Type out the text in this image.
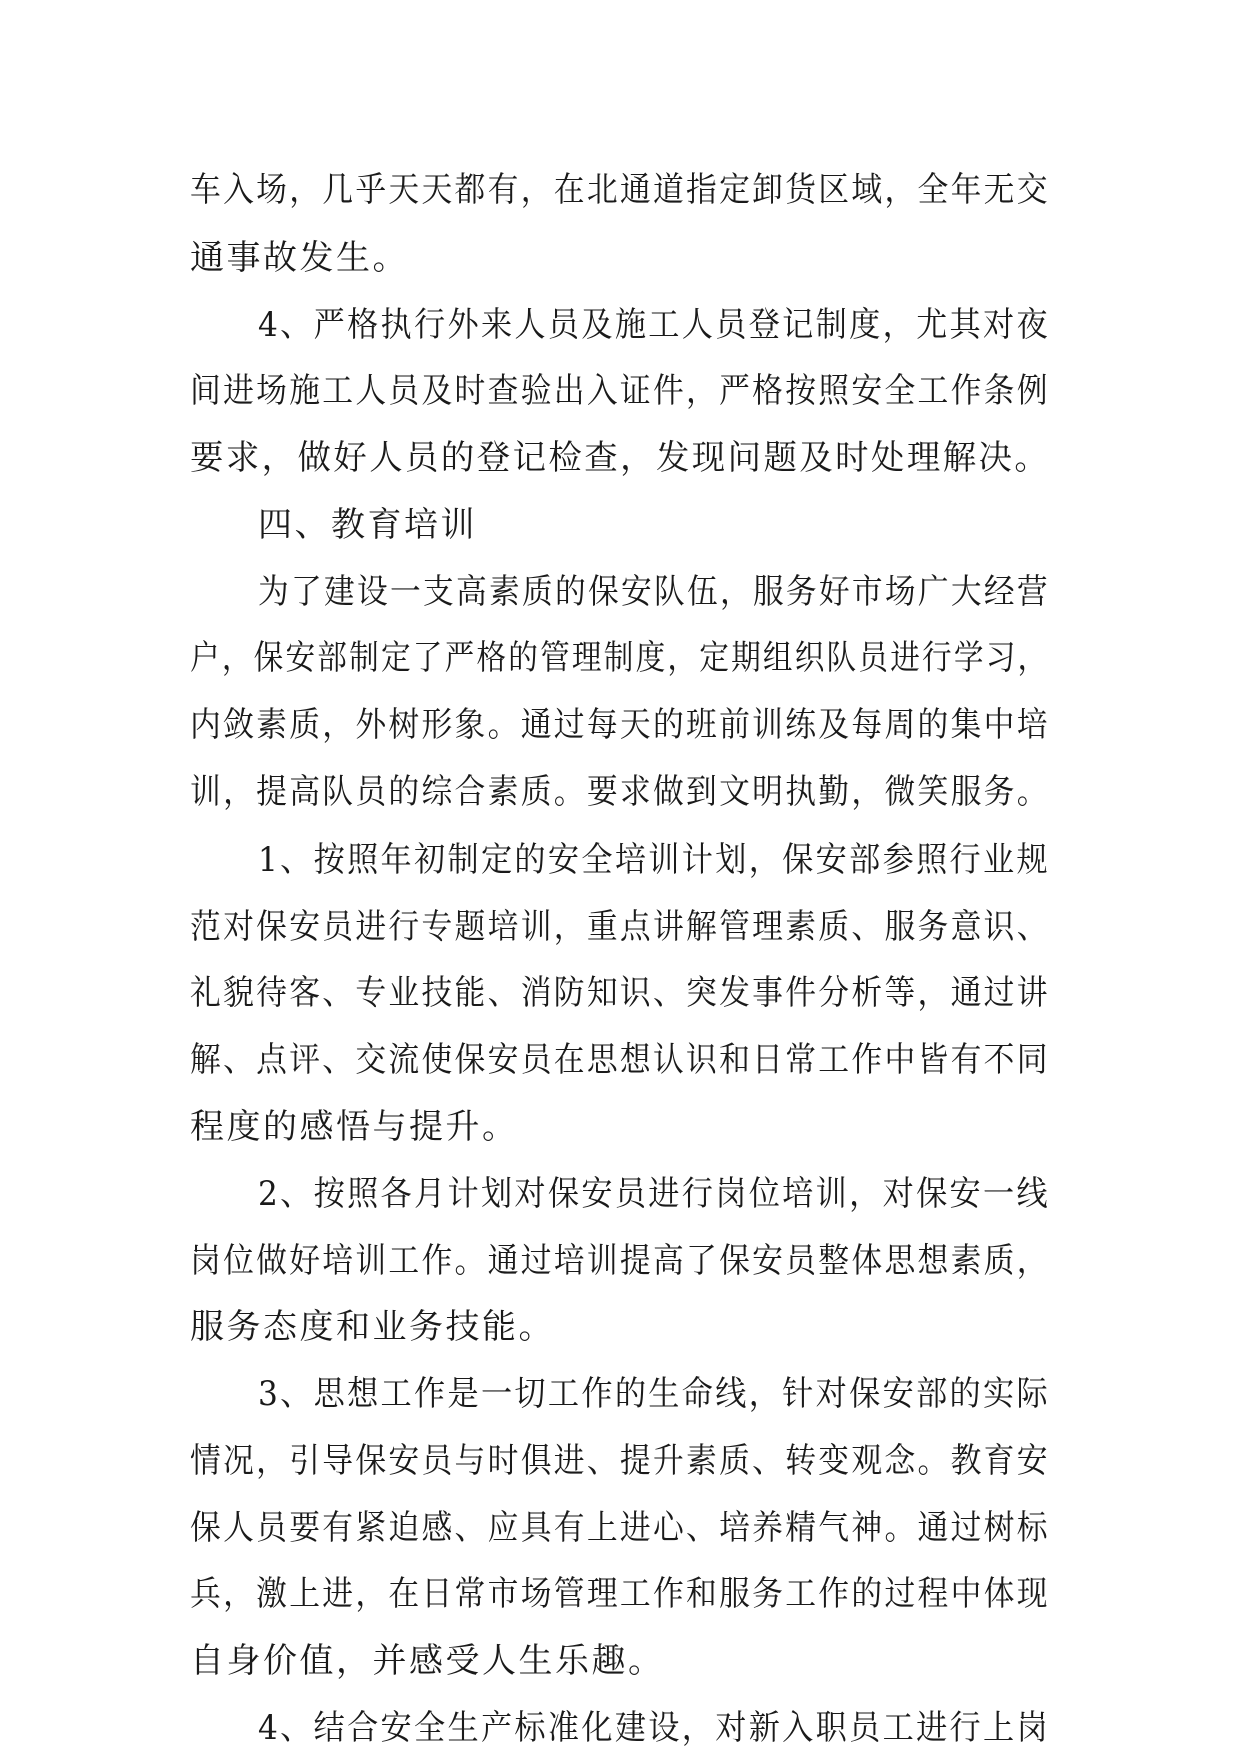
车入场，几乎天天都有，在北通道指定卸货区域，全年无交
通事故发生。
4、严格执行外来人员及施工人员登记制度，尤其对夜
间进场施工人员及时查验出入证件，严格按照安全工作条例
要求，做好人员的登记检查，发现问题及时处理解决。
四、教育培训
为了建设一支高素质的保安队伍，服务好市场广大经营
户，保安部制定了严格的管理制度，定期组织队员进行学习，
内敛素质，外树形象。通过每天的班前训练及每周的集中培
训，提高队员的综合素质。要求做到文明执勤，微笑服务。
1、按照年初制定的安全培训计划，保安部参照行业规
范对保安员进行专题培训，重点讲解管理素质、服务意识、
礼貌待客、专业技能、消防知识、突发事件分析等，通过讲
解、点评、交流使保安员在思想认识和日常工作中皆有不同
程度的感悟与提升。
2、按照各月计划对保安员进行岗位培训，对保安一线
岗位做好培训工作。通过培训提高了保安员整体思想素质，
服务态度和业务技能。
3、思想工作是一切工作的生命线，针对保安部的实际
情况，引导保安员与时俱进、提升素质、转变观念。教育安
保人员要有紧迫感、应具有上进心、培养精气神。通过树标
兵，激上进，在日常市场管理工作和服务工作的过程中体现
自身价值，并感受人生乐趣。
4、结合安全生产标准化建设，对新入职员工进行上岗
